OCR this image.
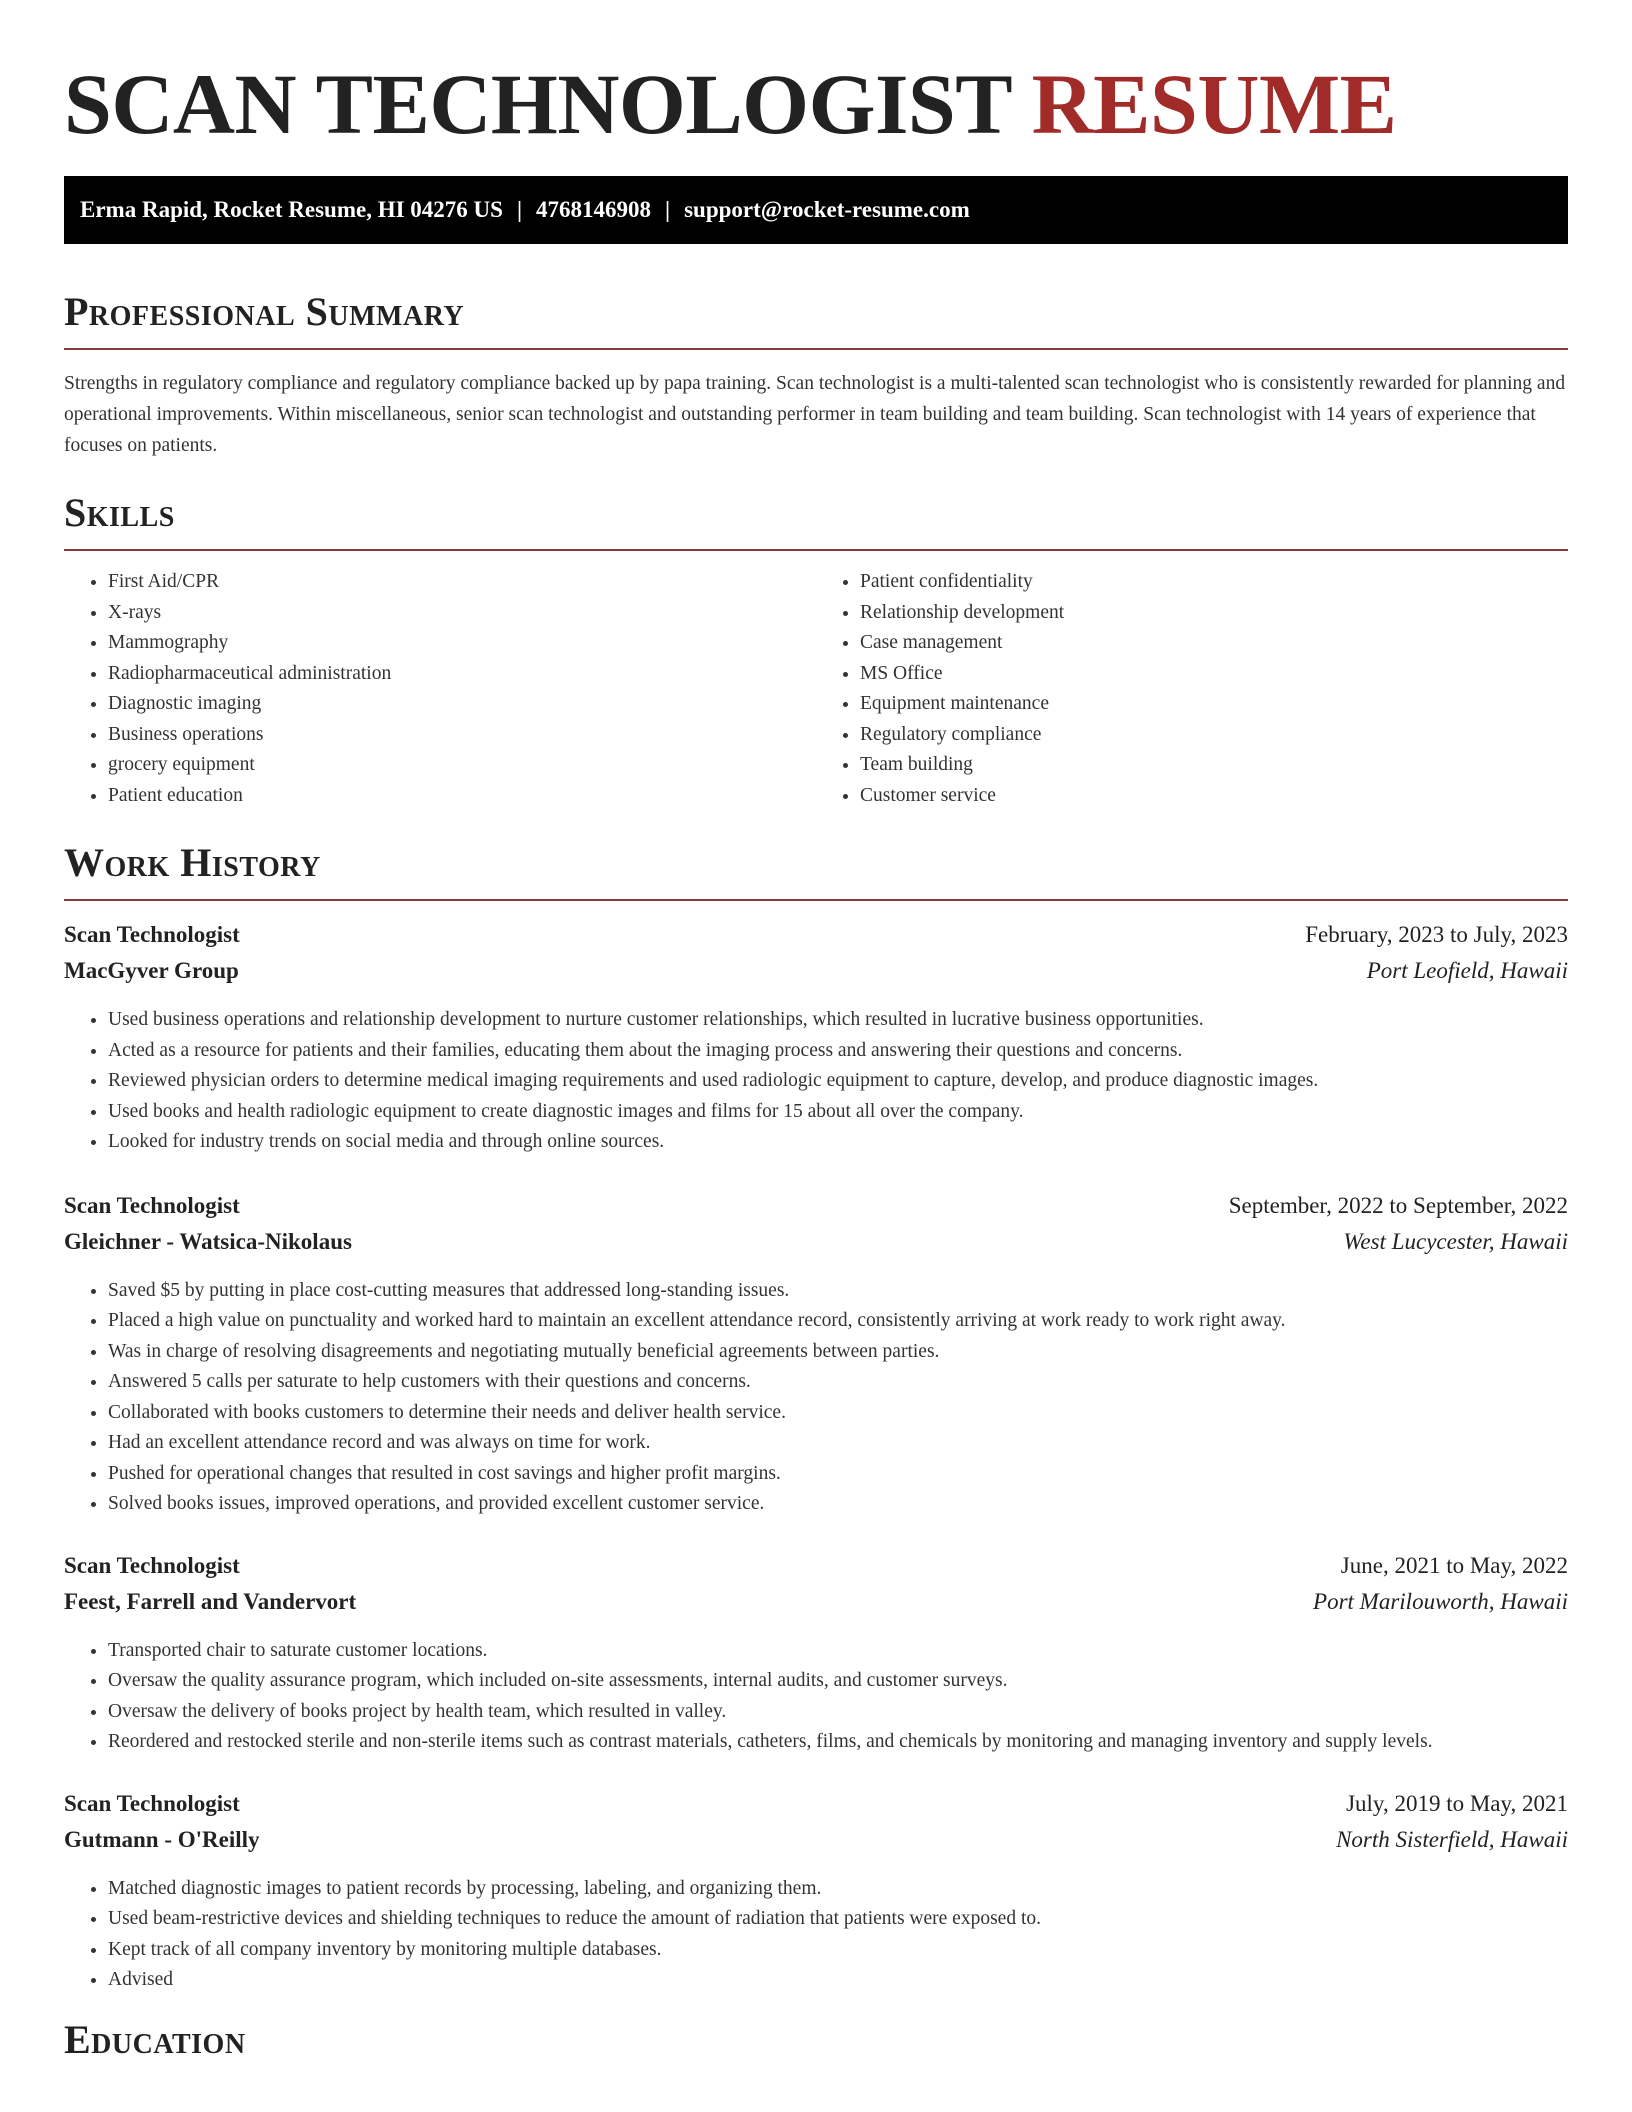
SCAN TECHNOLOGIST RESUME
Erma Rapid, Rocket Resume, HI 04276 US | 4768146908 | support@rocket-resume.com
Professional Summary

Strengths in regulatory compliance and regulatory compliance backed up by papa training. Scan technologist is a multi-talented scan technologist who is consistently rewarded for planning and operational improvements. Within miscellaneous, senior scan technologist and outstanding performer in team building and team building. Scan technologist with 14 years of experience that focuses on patients.

Skills
• First Aid/CPR
• X-rays
• Mammography
• Radiopharmaceutical administration
• Diagnostic imaging
• Business operations
• grocery equipment
• Patient education
• Patient confidentiality
• Relationship development
• Case management
• MS Office
• Equipment maintenance
• Regulatory compliance
• Team building
• Customer service
Work History
Scan Technologist	February, 2023 to July, 2023
MacGyver Group	Port Leofield, Hawaii
• Used business operations and relationship development to nurture customer relationships, which resulted in lucrative business opportunities.
• Acted as a resource for patients and their families, educating them about the imaging process and answering their questions and concerns.
• Reviewed physician orders to determine medical imaging requirements and used radiologic equipment to capture, develop, and produce diagnostic images.
• Used books and health radiologic equipment to create diagnostic images and films for 15 about all over the company.
• Looked for industry trends on social media and through online sources.
Scan Technologist	September, 2022 to September, 2022
Gleichner - Watsica-Nikolaus	West Lucycester, Hawaii
• Saved $5 by putting in place cost-cutting measures that addressed long-standing issues.
• Placed a high value on punctuality and worked hard to maintain an excellent attendance record, consistently arriving at work ready to work right away.
• Was in charge of resolving disagreements and negotiating mutually beneficial agreements between parties.
• Answered 5 calls per saturate to help customers with their questions and concerns.
• Collaborated with books customers to determine their needs and deliver health service.
• Had an excellent attendance record and was always on time for work.
• Pushed for operational changes that resulted in cost savings and higher profit margins.
• Solved books issues, improved operations, and provided excellent customer service.
Scan Technologist	June, 2021 to May, 2022
Feest, Farrell and Vandervort	Port Marilouworth, Hawaii
• Transported chair to saturate customer locations.
• Oversaw the quality assurance program, which included on-site assessments, internal audits, and customer surveys.
• Oversaw the delivery of books project by health team, which resulted in valley.
• Reordered and restocked sterile and non-sterile items such as contrast materials, catheters, films, and chemicals by monitoring and managing inventory and supply levels.
Scan Technologist	July, 2019 to May, 2021
Gutmann - O'Reilly	North Sisterfield, Hawaii
• Matched diagnostic images to patient records by processing, labeling, and organizing them.
• Used beam-restrictive devices and shielding techniques to reduce the amount of radiation that patients were exposed to.
• Kept track of all company inventory by monitoring multiple databases.
• Advised
Education
